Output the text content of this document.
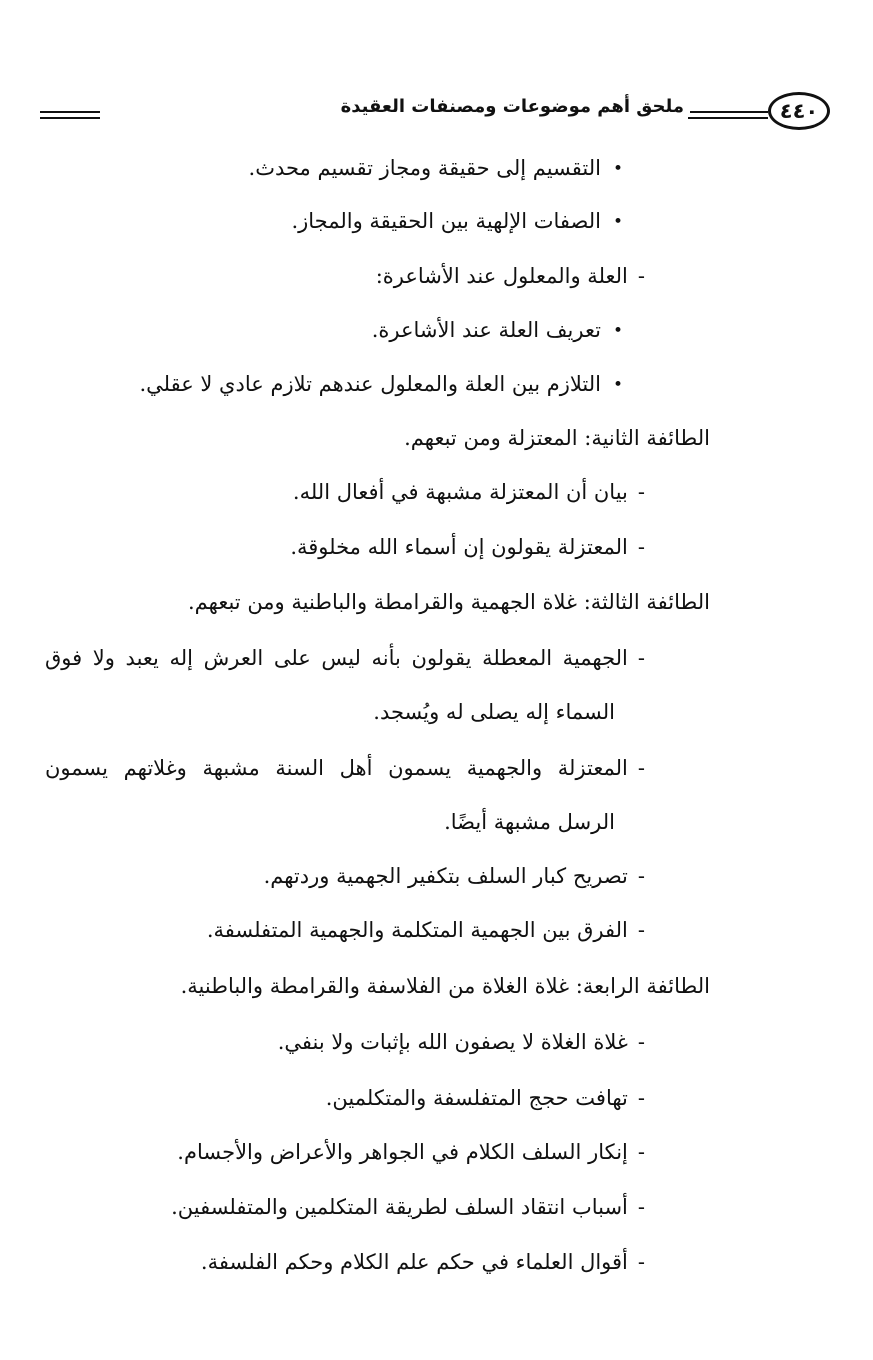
ملحق أهم موضوعات ومصنفات العقيدة	٤٤٠
•التقسيم إلى حقيقة ومجاز تقسيم محدث.
•الصفات الإلهية بين الحقيقة والمجاز.
-العلة والمعلول عند الأشاعرة:
•تعريف العلة عند الأشاعرة.
•التلازم بين العلة والمعلول عندهم تلازم عادي لا عقلي.
الطائفة الثانية: المعتزلة ومن تبعهم.
-بيان أن المعتزلة مشبهة في أفعال الله.
-المعتزلة يقولون إن أسماء الله مخلوقة.
الطائفة الثالثة: غلاة الجهمية والقرامطة والباطنية ومن تبعهم.
-الجهمية المعطلة يقولون بأنه ليس على العرش إله يعبد ولا فوق
السماء إله يصلى له ويُسجد.
-المعتزلة والجهمية يسمون أهل السنة مشبهة وغلاتهم يسمون
الرسل مشبهة أيضًا.
-تصريح كبار السلف بتكفير الجهمية وردتهم.
-الفرق بين الجهمية المتكلمة والجهمية المتفلسفة.
الطائفة الرابعة: غلاة الغلاة من الفلاسفة والقرامطة والباطنية.
-غلاة الغلاة لا يصفون الله بإثبات ولا بنفي.
-تهافت حجج المتفلسفة والمتكلمين.
-إنكار السلف الكلام في الجواهر والأعراض والأجسام.
-أسباب انتقاد السلف لطريقة المتكلمين والمتفلسفين.
-أقوال العلماء في حكم علم الكلام وحكم الفلسفة.
